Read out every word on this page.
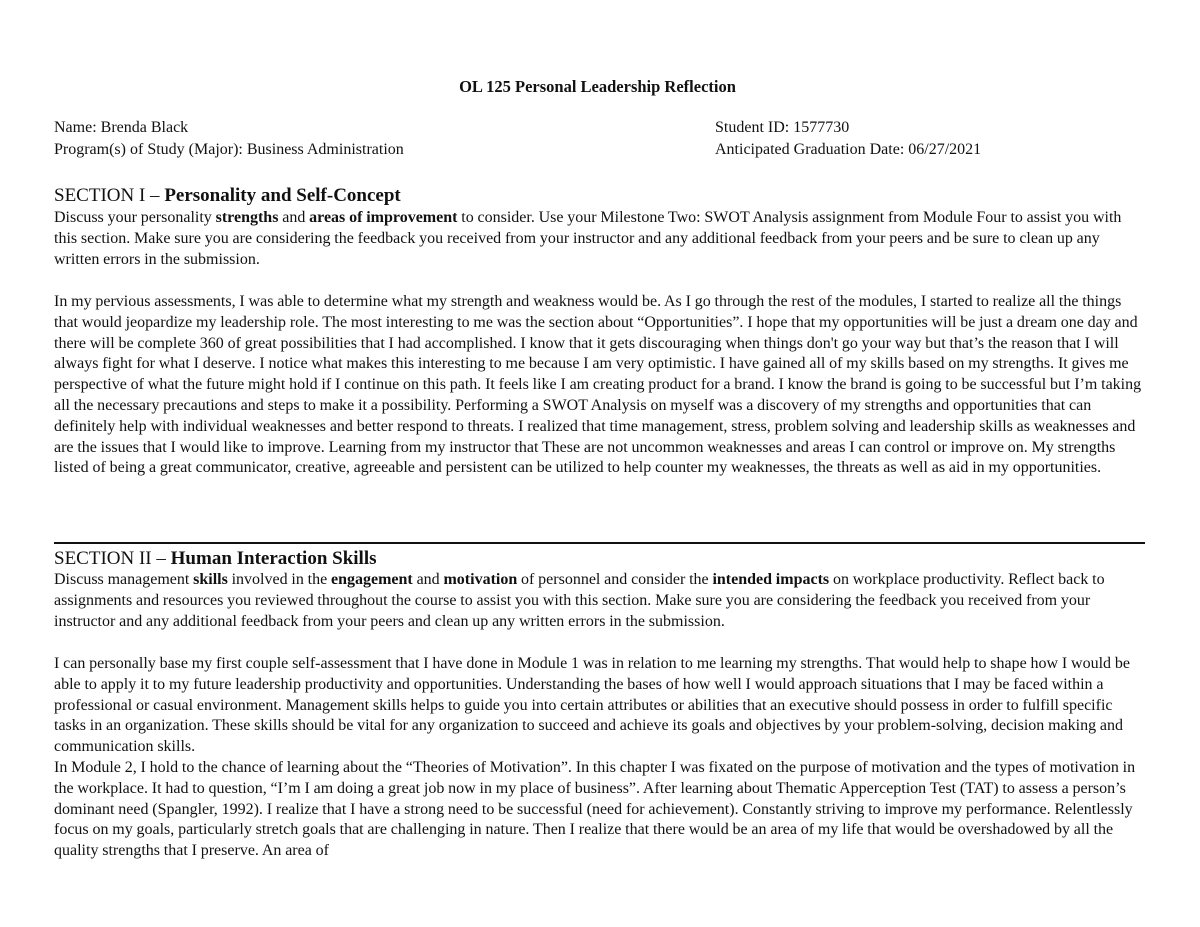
OL 125 Personal Leadership Reflection
Name: Brenda Black	Student ID: 1577730
Program(s) of Study (Major): Business Administration	Anticipated Graduation Date: 06/27/2021
SECTION I – Personality and Self-Concept

Discuss your personality strengths and areas of improvement to consider. Use your Milestone Two: SWOT Analysis assignment from Module Four to assist you with this section. Make sure you are considering the feedback you received from your instructor and any additional feedback from your peers and be sure to clean up any written errors in the submission.

In my pervious assessments, I was able to determine what my strength and weakness would be. As I go through the rest of the modules, I started to realize all the things that would jeopardize my leadership role. The most interesting to me was the section about “Opportunities”. I hope that my opportunities will be just a dream one day and there will be complete 360 of great possibilities that I had accomplished. I know that it gets discouraging when things don't go your way but that’s the reason that I will always fight for what I deserve. I notice what makes this interesting to me because I am very optimistic. I have gained all of my skills based on my strengths. It gives me perspective of what the future might hold if I continue on this path. It feels like I am creating product for a brand. I know the brand is going to be successful but I’m taking all the necessary precautions and steps to make it a possibility. Performing a SWOT Analysis on myself was a discovery of my strengths and opportunities that can definitely help with individual weaknesses and better respond to threats. I realized that time management, stress, problem solving and leadership skills as weaknesses and are the issues that I would like to improve. Learning from my instructor that These are not uncommon weaknesses and areas I can control or improve on. My strengths listed of being a great communicator, creative, agreeable and persistent can be utilized to help counter my weaknesses, the threats as well as aid in my opportunities.

SECTION II – Human Interaction Skills

Discuss management skills involved in the engagement and motivation of personnel and consider the intended impacts on workplace productivity. Reflect back to assignments and resources you reviewed throughout the course to assist you with this section. Make sure you are considering the feedback you received from your instructor and any additional feedback from your peers and clean up any written errors in the submission.

I can personally base my first couple self-assessment that I have done in Module 1 was in relation to me learning my strengths. That would help to shape how I would be able to apply it to my future leadership productivity and opportunities. Understanding the bases of how well I would approach situations that I may be faced within a professional or casual environment. Management skills helps to guide you into certain attributes or abilities that an executive should possess in order to fulfill specific tasks in an organization. These skills should be vital for any organization to succeed and achieve its goals and objectives by your problem-solving, decision making and communication skills.

In Module 2, I hold to the chance of learning about the “Theories of Motivation”. In this chapter I was fixated on the purpose of motivation and the types of motivation in the workplace. It had to question, “I’m I am doing a great job now in my place of business”. After learning about Thematic Apperception Test (TAT) to assess a person’s dominant need (Spangler, 1992). I realize that I have a strong need to be successful (need for achievement). Constantly striving to improve my performance. Relentlessly focus on my goals, particularly stretch goals that are challenging in nature. Then I realize that there would be an area of my life that would be overshadowed by all the quality strengths that I preserve. An area of
